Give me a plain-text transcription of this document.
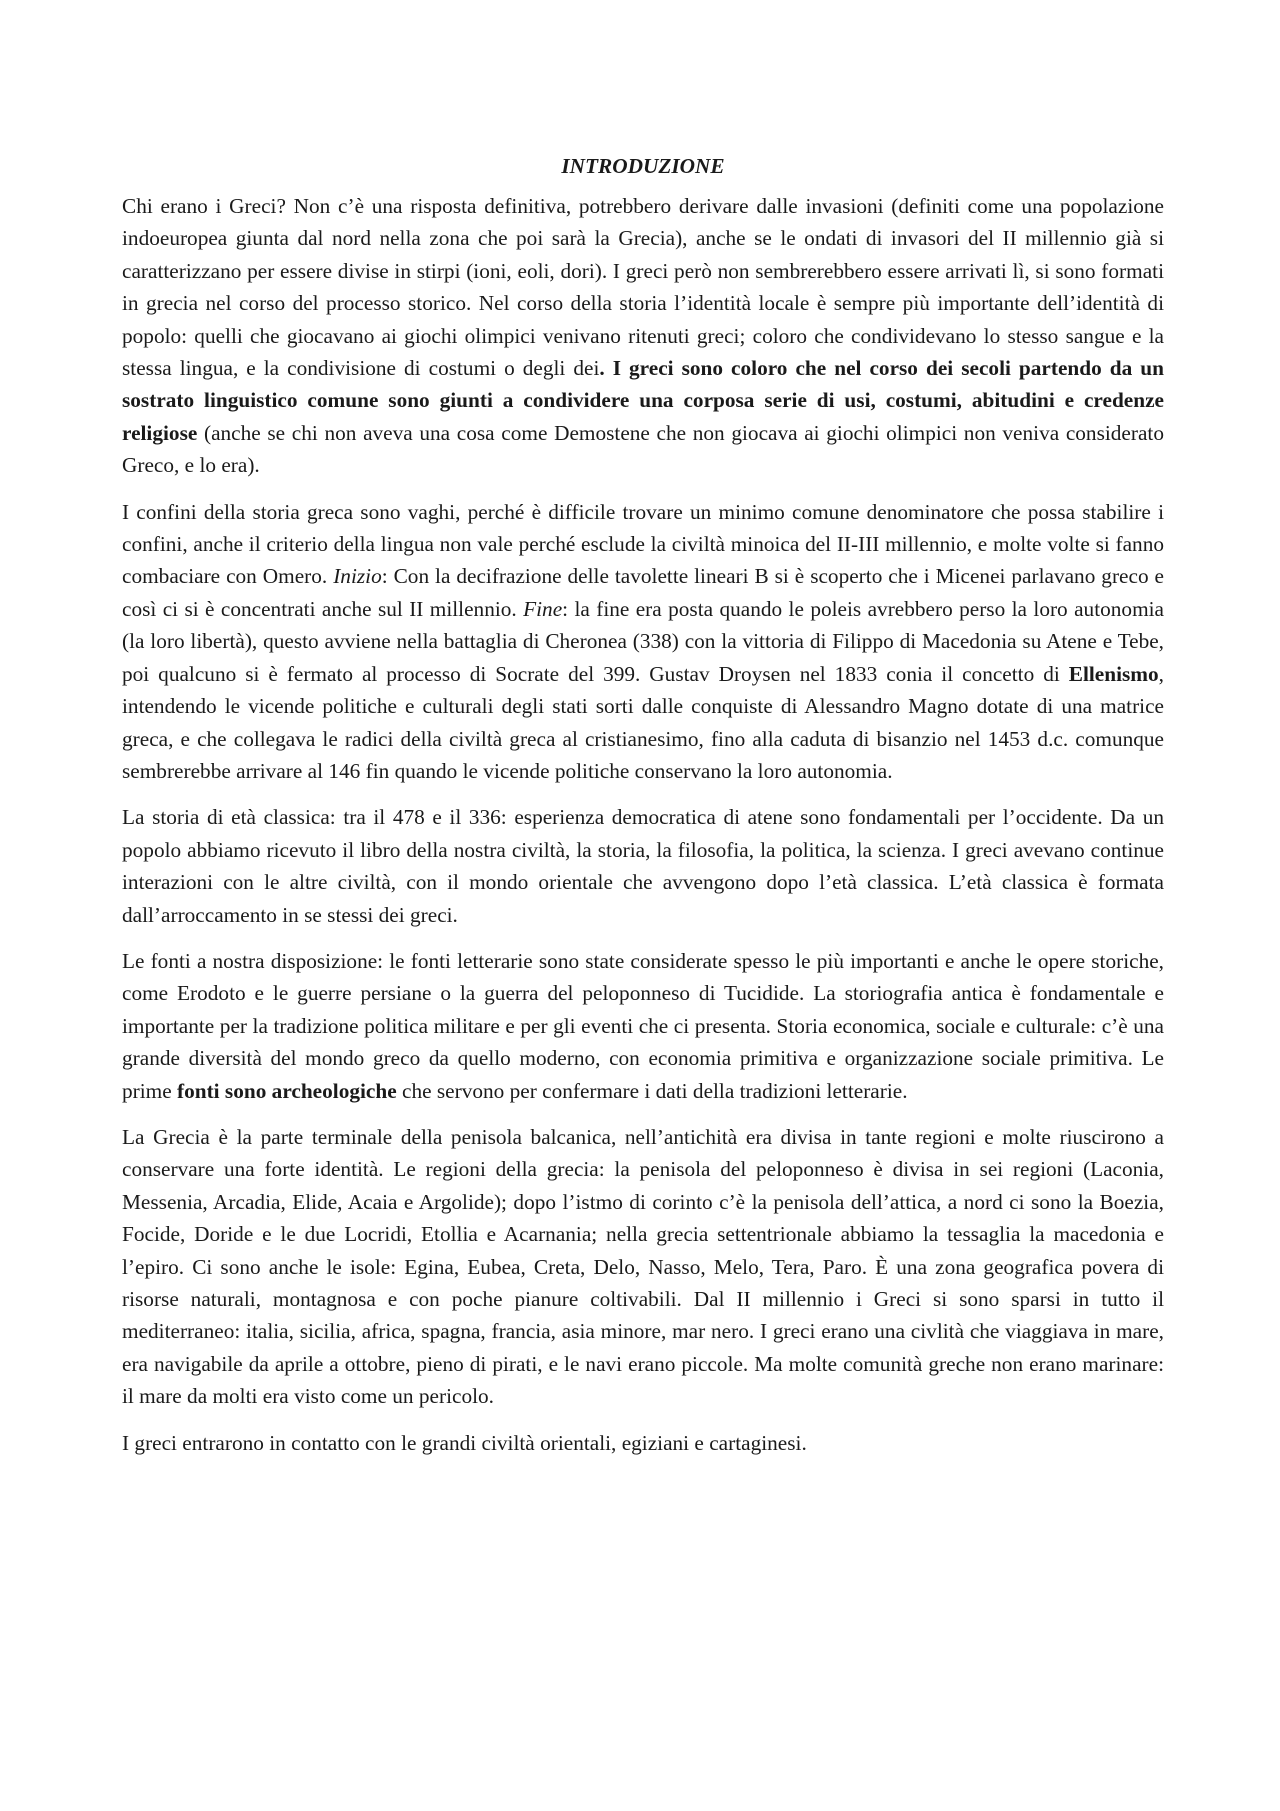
INTRODUZIONE

Chi erano i Greci? Non c’è una risposta definitiva, potrebbero derivare dalle invasioni (definiti come una popolazione indoeuropea giunta dal nord nella zona che poi sarà la Grecia), anche se le ondati di invasori del II millennio già si caratterizzano per essere divise in stirpi (ioni, eoli, dori). I greci però non sembrerebbero essere arrivati lì, si sono formati in grecia nel corso del processo storico. Nel corso della storia l’identità locale è sempre più importante dell’identità di popolo: quelli che giocavano ai giochi olimpici venivano ritenuti greci; coloro che condividevano lo stesso sangue e la stessa lingua, e la condivisione di costumi o degli dei. I greci sono coloro che nel corso dei secoli partendo da un sostrato linguistico comune sono giunti a condividere una corposa serie di usi, costumi, abitudini e credenze religiose (anche se chi non aveva una cosa come Demostene che non giocava ai giochi olimpici non veniva considerato Greco, e lo era).

I confini della storia greca sono vaghi, perché è difficile trovare un minimo comune denominatore che possa stabilire i confini, anche il criterio della lingua non vale perché esclude la civiltà minoica del II-III millennio, e molte volte si fanno combaciare con Omero. Inizio: Con la decifrazione delle tavolette lineari B si è scoperto che i Micenei parlavano greco e così ci si è concentrati anche sul II millennio. Fine: la fine era posta quando le poleis avrebbero perso la loro autonomia (la loro libertà), questo avviene nella battaglia di Cheronea (338) con la vittoria di Filippo di Macedonia su Atene e Tebe, poi qualcuno si è fermato al processo di Socrate del 399. Gustav Droysen nel 1833 conia il concetto di Ellenismo, intendendo le vicende politiche e culturali degli stati sorti dalle conquiste di Alessandro Magno dotate di una matrice greca, e che collegava le radici della civiltà greca al cristianesimo, fino alla caduta di bisanzio nel 1453 d.c. comunque sembrerebbe arrivare al 146 fin quando le vicende politiche conservano la loro autonomia.

La storia di età classica: tra il 478 e il 336: esperienza democratica di atene sono fondamentali per l’occidente. Da un popolo abbiamo ricevuto il libro della nostra civiltà, la storia, la filosofia, la politica, la scienza. I greci avevano continue interazioni con le altre civiltà, con il mondo orientale che avvengono dopo l’età classica. L’età classica è formata dall’arroccamento in se stessi dei greci.

Le fonti a nostra disposizione: le fonti letterarie sono state considerate spesso le più importanti e anche le opere storiche, come Erodoto e le guerre persiane o la guerra del peloponneso di Tucidide. La storiografia antica è fondamentale e importante per la tradizione politica militare e per gli eventi che ci presenta. Storia economica, sociale e culturale: c’è una grande diversità del mondo greco da quello moderno, con economia primitiva e organizzazione sociale primitiva. Le prime fonti sono archeologiche che servono per confermare i dati della tradizioni letterarie.

La Grecia è la parte terminale della penisola balcanica, nell’antichità era divisa in tante regioni e molte riuscirono a conservare una forte identità. Le regioni della grecia: la penisola del peloponneso è divisa in sei regioni (Laconia, Messenia, Arcadia, Elide, Acaia e Argolide); dopo l’istmo di corinto c’è la penisola dell’attica, a nord ci sono la Boezia, Focide, Doride e le due Locridi, Etollia e Acarnania; nella grecia settentrionale abbiamo la tessaglia la macedonia e l’epiro. Ci sono anche le isole: Egina, Eubea, Creta, Delo, Nasso, Melo, Tera, Paro. È una zona geografica povera di risorse naturali, montagnosa e con poche pianure coltivabili. Dal II millennio i Greci si sono sparsi in tutto il mediterraneo: italia, sicilia, africa, spagna, francia, asia minore, mar nero. I greci erano una civlità che viaggiava in mare, era navigabile da aprile a ottobre, pieno di pirati, e le navi erano piccole. Ma molte comunità greche non erano marinare: il mare da molti era visto come un pericolo.

I greci entrarono in contatto con le grandi civiltà orientali, egiziani e cartaginesi.
